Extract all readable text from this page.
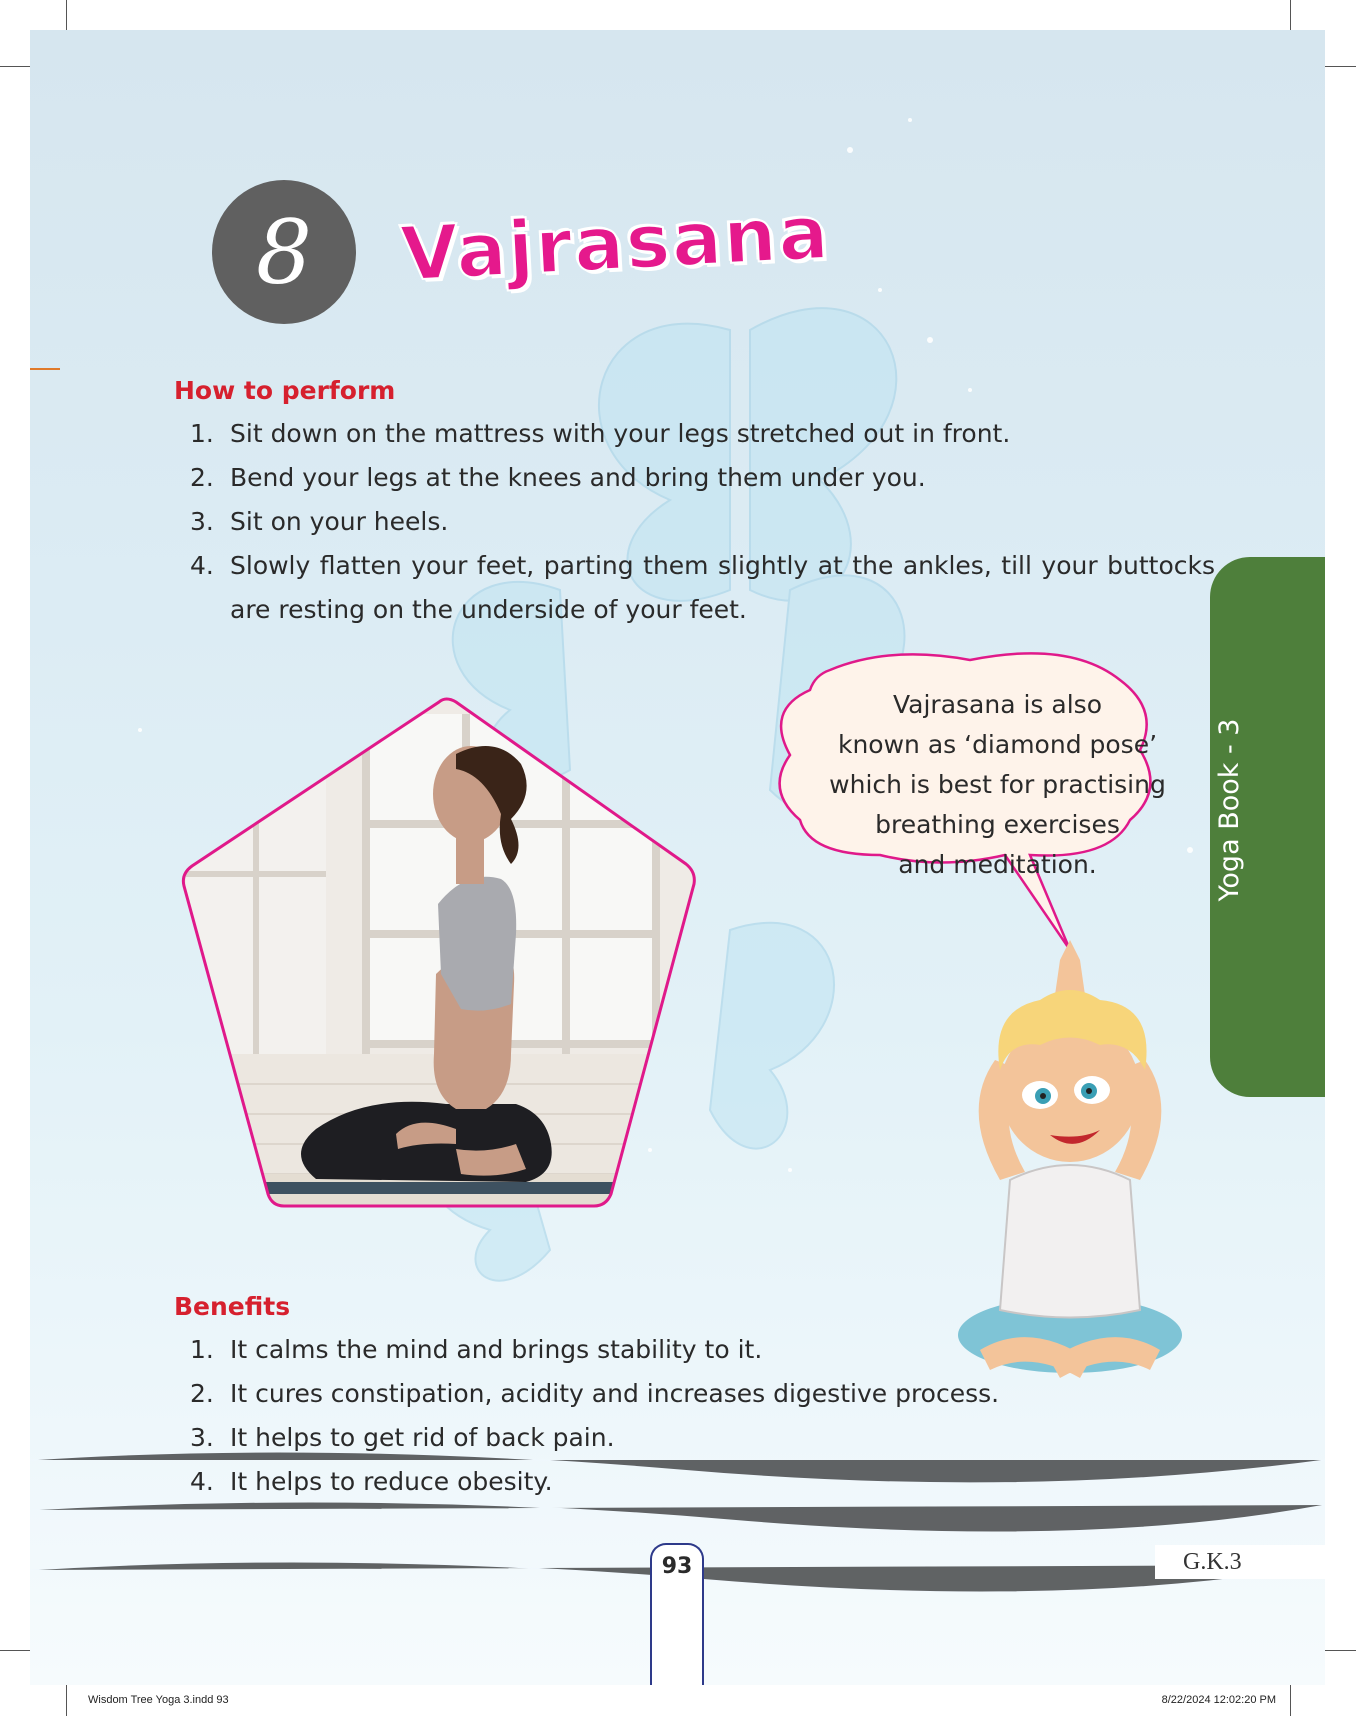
8 Vajrasana
How to perform
1. Sit down on the mattress with your legs stretched out in front.
2. Bend your legs at the knees and bring them under you.
3. Sit on your heels.
4. Slowly flatten your feet, parting them slightly at the ankles, till your buttocks are resting on the underside of your feet.
Vajrasana is also
known as ‘diamond pose’
which is best for practising
breathing exercises
and meditation.
Benefits
1. It calms the mind and brings stability to it.
2. It cures constipation, acidity and increases digestive process.
3. It helps to get rid of back pain.
4. It helps to reduce obesity.
Yoga Book - 3
93	G.K.3
Wisdom Tree Yoga 3.indd 93	8/22/2024 12:02:20 PM
